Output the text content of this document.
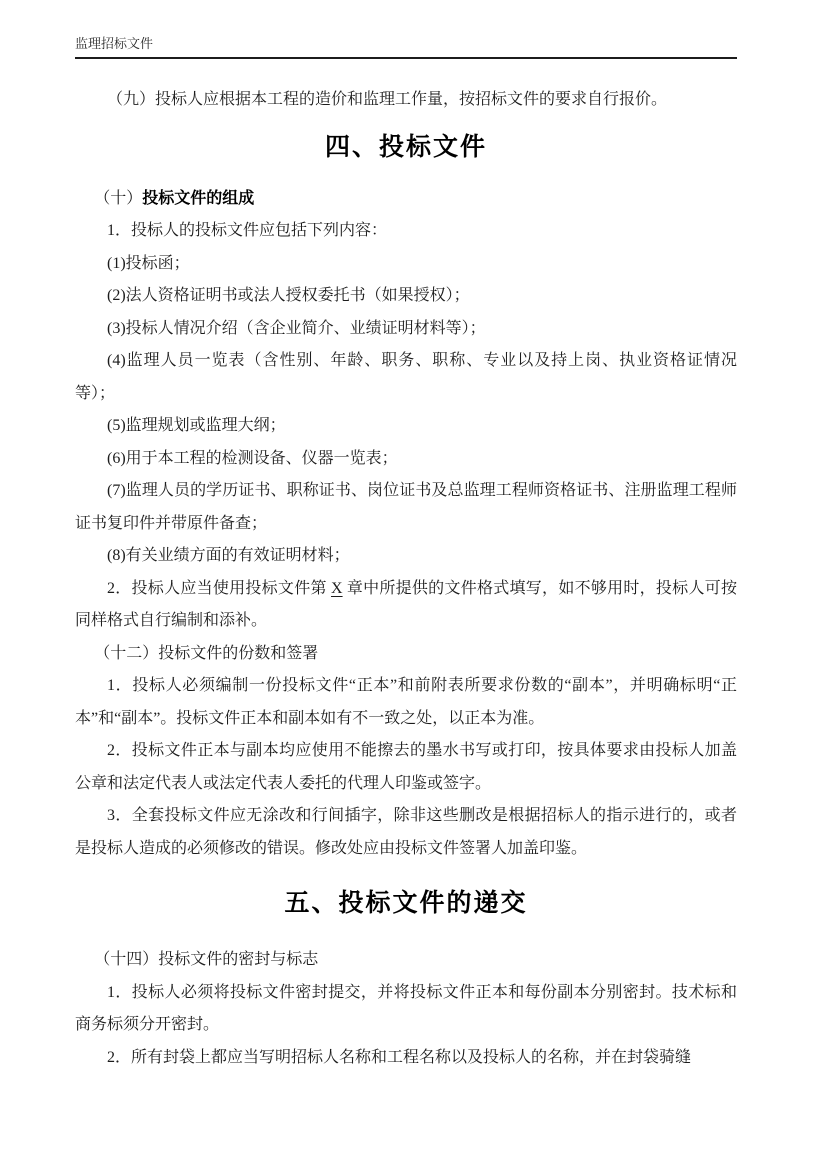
监理招标文件

（九）投标人应根据本工程的造价和监理工作量，按招标文件的要求自行报价。

四、投标文件

（十）投标文件的组成

1．投标人的投标文件应包括下列内容：

(1)投标函；

(2)法人资格证明书或法人授权委托书（如果授权）；

(3)投标人情况介绍（含企业简介、业绩证明材料等）；

(4)监理人员一览表（含性别、年龄、职务、职称、专业以及持上岗、执业资格证情况等）；

(5)监理规划或监理大纲；

(6)用于本工程的检测设备、仪器一览表；

(7)监理人员的学历证书、职称证书、岗位证书及总监理工程师资格证书、注册监理工程师证书复印件并带原件备查；

(8)有关业绩方面的有效证明材料；

2．投标人应当使用投标文件第 X 章中所提供的文件格式填写，如不够用时，投标人可按同样格式自行编制和添补。

（十二）投标文件的份数和签署

1．投标人必须编制一份投标文件“正本”和前附表所要求份数的“副本”，并明确标明“正本”和“副本”。投标文件正本和副本如有不一致之处，以正本为准。

2．投标文件正本与副本均应使用不能擦去的墨水书写或打印，按具体要求由投标人加盖公章和法定代表人或法定代表人委托的代理人印鉴或签字。

3．全套投标文件应无涂改和行间插字，除非这些删改是根据招标人的指示进行的，或者是投标人造成的必须修改的错误。修改处应由投标文件签署人加盖印鉴。

五、投标文件的递交

（十四）投标文件的密封与标志

1．投标人必须将投标文件密封提交，并将投标文件正本和每份副本分别密封。技术标和商务标须分开密封。

2．所有封袋上都应当写明招标人名称和工程名称以及投标人的名称，并在封袋骑缝
